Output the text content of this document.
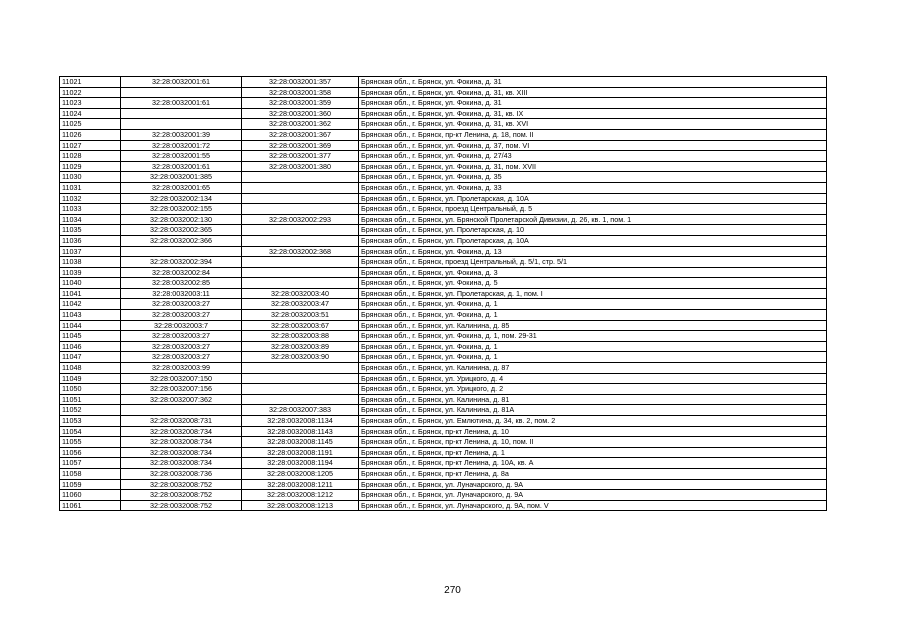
11021	32:28:0032001:61	32:28:0032001:357	Брянская обл., г. Брянск, ул. Фокина, д. 31
11022		32:28:0032001:358	Брянская обл., г. Брянск, ул. Фокина, д. 31, кв. XIII
11023	32:28:0032001:61	32:28:0032001:359	Брянская обл., г. Брянск, ул. Фокина, д. 31
11024		32:28:0032001:360	Брянская обл., г. Брянск, ул. Фокина, д. 31, кв. IX
11025		32:28:0032001:362	Брянская обл., г. Брянск, ул. Фокина, д. 31, кв. XVI
11026	32:28:0032001:39	32:28:0032001:367	Брянская обл., г. Брянск, пр-кт Ленина, д. 18, пом. II
11027	32:28:0032001:72	32:28:0032001:369	Брянская обл., г. Брянск, ул. Фокина, д. 37, пом. VI
11028	32:28:0032001:55	32:28:0032001:377	Брянская обл., г. Брянск, ул. Фокина, д. 27/43
11029	32:28:0032001:61	32:28:0032001:380	Брянская обл., г. Брянск, ул. Фокина, д. 31, пом. XVII
11030	32:28:0032001:385		Брянская обл., г. Брянск, ул. Фокина, д. 35
11031	32:28:0032001:65		Брянская обл., г. Брянск, ул. Фокина, д. 33
11032	32:28:0032002:134		Брянская обл., г. Брянск, ул. Пролетарская, д. 10А
11033	32:28:0032002:155		Брянская обл., г. Брянск, проезд Центральный, д. 5
11034	32:28:0032002:130	32:28:0032002:293	Брянская обл., г. Брянск, ул. Брянской Пролетарской Дивизии, д. 26, кв. 1, пом. 1
11035	32:28:0032002:365		Брянская обл., г. Брянск, ул. Пролетарская, д. 10
11036	32:28:0032002:366		Брянская обл., г. Брянск, ул. Пролетарская, д. 10А
11037		32:28:0032002:368	Брянская обл., г. Брянск, ул. Фокина, д. 13
11038	32:28:0032002:394		Брянская обл., г. Брянск, проезд Центральный, д. 5/1, стр. 5/1
11039	32:28:0032002:84		Брянская обл., г. Брянск, ул. Фокина, д. 3
11040	32:28:0032002:85		Брянская обл., г. Брянск, ул. Фокина, д. 5
11041	32:28:0032003:11	32:28:0032003:40	Брянская обл., г. Брянск, ул. Пролетарская, д. 1, пом. I
11042	32:28:0032003:27	32:28:0032003:47	Брянская обл., г. Брянск, ул. Фокина, д. 1
11043	32:28:0032003:27	32:28:0032003:51	Брянская обл., г. Брянск, ул. Фокина, д. 1
11044	32:28:0032003:7	32:28:0032003:67	Брянская обл., г. Брянск, ул. Калинина, д. 85
11045	32:28:0032003:27	32:28:0032003:88	Брянская обл., г. Брянск, ул. Фокина, д. 1, пом. 29-31
11046	32:28:0032003:27	32:28:0032003:89	Брянская обл., г. Брянск, ул. Фокина, д. 1
11047	32:28:0032003:27	32:28:0032003:90	Брянская обл., г. Брянск, ул. Фокина, д. 1
11048	32:28:0032003:99		Брянская обл., г. Брянск, ул. Калинина, д. 87
11049	32:28:0032007:150		Брянская обл., г. Брянск, ул. Урицкого, д. 4
11050	32:28:0032007:156		Брянская обл., г. Брянск, ул. Урицкого, д. 2
11051	32:28:0032007:362		Брянская обл., г. Брянск, ул. Калинина, д. 81
11052		32:28:0032007:383	Брянская обл., г. Брянск, ул. Калинина, д. 81А
11053	32:28:0032008:731	32:28:0032008:1134	Брянская обл., г. Брянск, ул. Емлютина, д. 34, кв. 2, пом. 2
11054	32:28:0032008:734	32:28:0032008:1143	Брянская обл., г. Брянск, пр-кт Ленина, д. 10
11055	32:28:0032008:734	32:28:0032008:1145	Брянская обл., г. Брянск, пр-кт Ленина, д. 10, пом. II
11056	32:28:0032008:734	32:28:0032008:1191	Брянская обл., г. Брянск, пр-кт Ленина, д. 1
11057	32:28:0032008:734	32:28:0032008:1194	Брянская обл., г. Брянск, пр-кт Ленина, д. 10А, кв. А
11058	32:28:0032008:736	32:28:0032008:1205	Брянская обл., г. Брянск, пр-кт Ленина, д. 8а
11059	32:28:0032008:752	32:28:0032008:1211	Брянская обл., г. Брянск, ул. Луначарского, д. 9А
11060	32:28:0032008:752	32:28:0032008:1212	Брянская обл., г. Брянск, ул. Луначарского, д. 9А
11061	32:28:0032008:752	32:28:0032008:1213	Брянская обл., г. Брянск, ул. Луначарского, д. 9А, пом. V
270
